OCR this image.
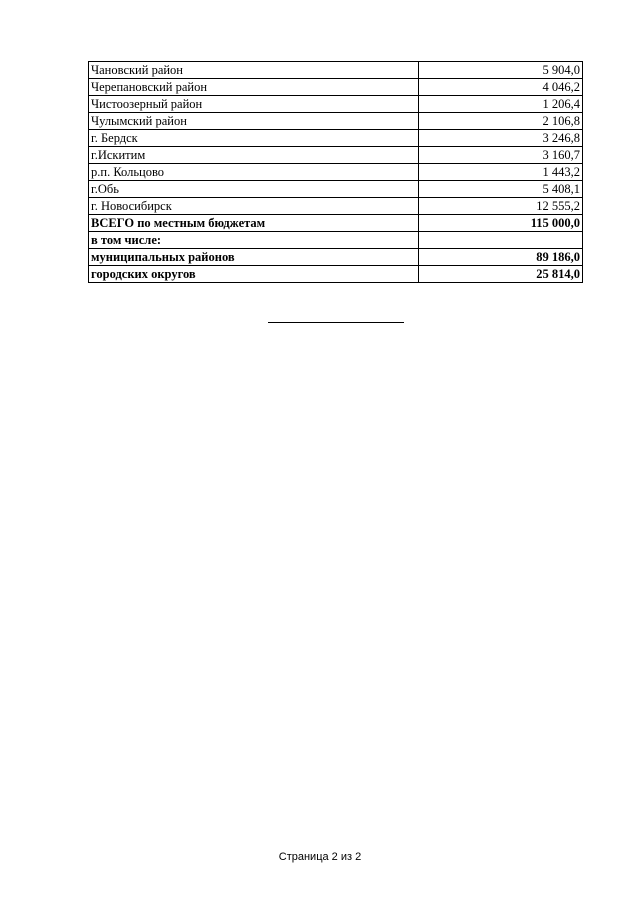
Чановский район	5 904,0
Черепановский район	4 046,2
Чистоозерный район	1 206,4
Чулымский район	2 106,8
г. Бердск	3 246,8
г.Искитим	3 160,7
р.п. Кольцово	1 443,2
г.Обь	5 408,1
г. Новосибирск	12 555,2
ВСЕГО по местным бюджетам	115 000,0
в том числе:	
муниципальных районов	89 186,0
городских округов	25 814,0
Страница 2 из 2
